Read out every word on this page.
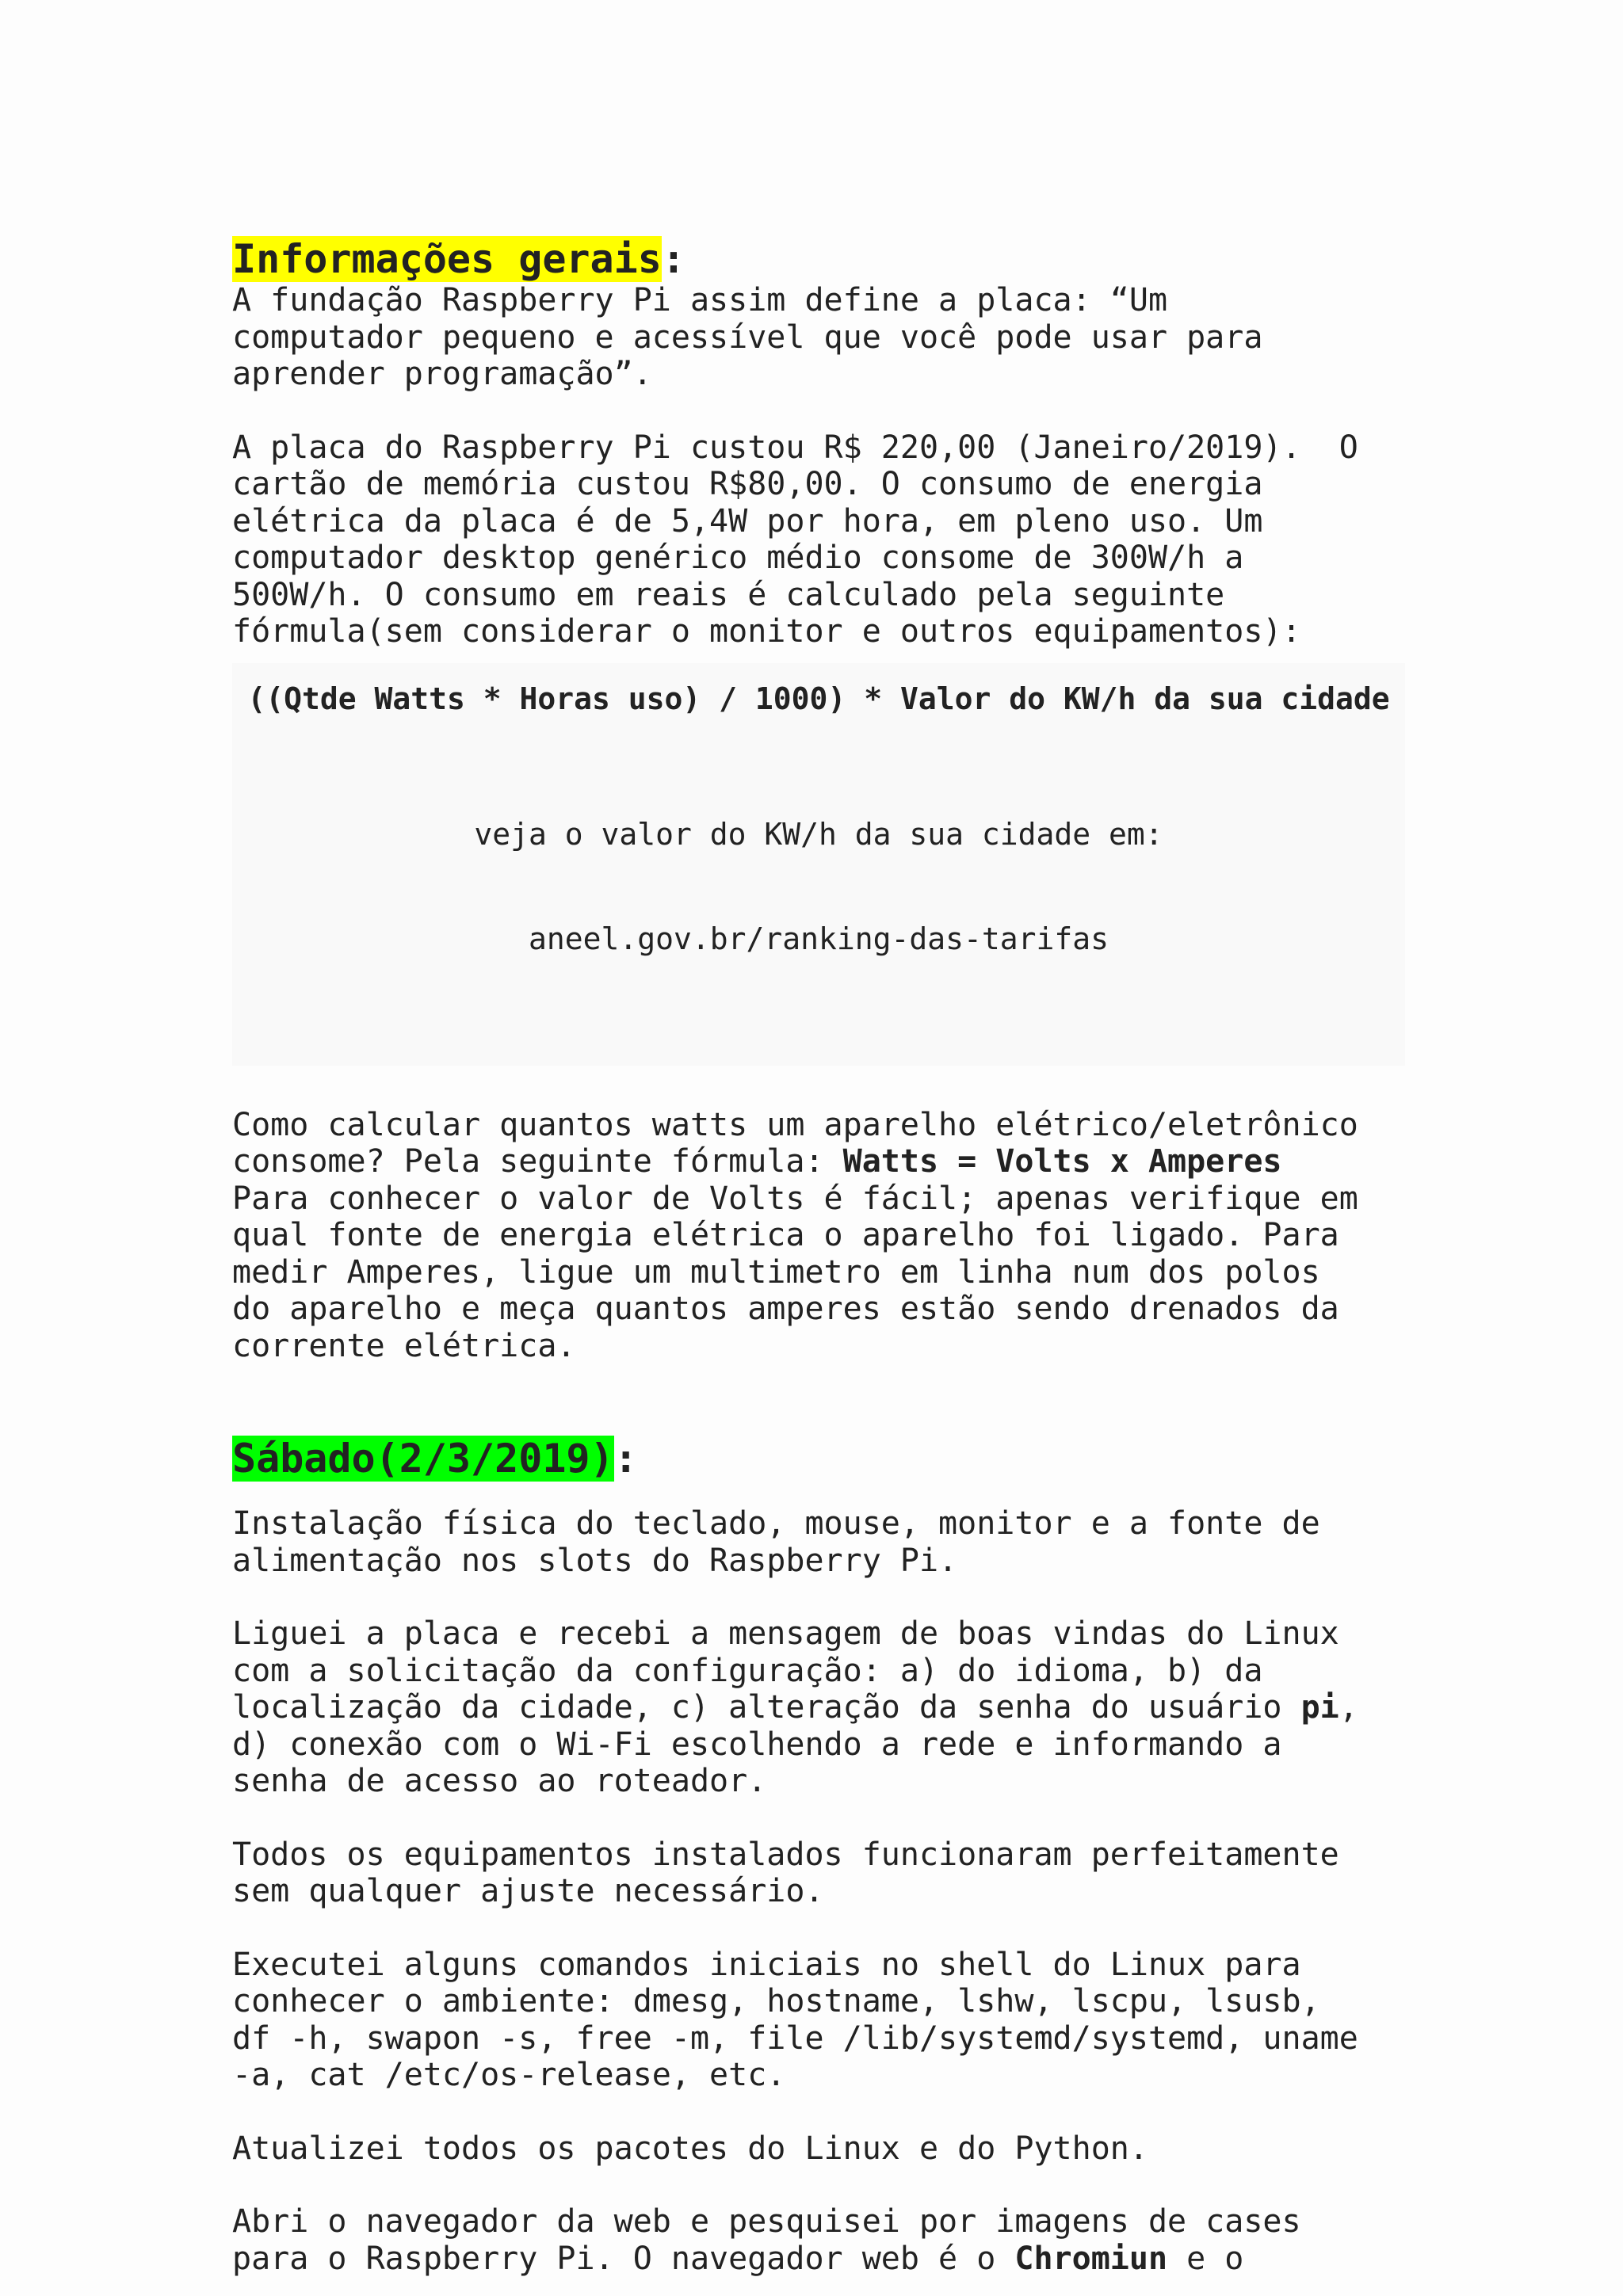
Informações gerais:
A fundação Raspberry Pi assim define a placa: “Um
computador pequeno e acessível que você pode usar para
aprender programação”.
A placa do Raspberry Pi custou R$ 220,00 (Janeiro/2019).  O
cartão de memória custou R$80,00. O consumo de energia
elétrica da placa é de 5,4W por hora, em pleno uso. Um
computador desktop genérico médio consome de 300W/h a
500W/h. O consumo em reais é calculado pela seguinte
fórmula(sem considerar o monitor e outros equipamentos):
((Qtde Watts * Horas uso) / 1000) * Valor do KW/h da sua cidade

veja o valor do KW/h da sua cidade em:

aneel.gov.br/ranking-das-tarifas

Como calcular quantos watts um aparelho elétrico/eletrônico
consome? Pela seguinte fórmula: Watts = Volts x Amperes
Para conhecer o valor de Volts é fácil; apenas verifique em
qual fonte de energia elétrica o aparelho foi ligado. Para
medir Amperes, ligue um multimetro em linha num dos polos
do aparelho e meça quantos amperes estão sendo drenados da
corrente elétrica.
Sábado(2/3/2019):
Instalação física do teclado, mouse, monitor e a fonte de
alimentação nos slots do Raspberry Pi.
Liguei a placa e recebi a mensagem de boas vindas do Linux
com a solicitação da configuração: a) do idioma, b) da
localização da cidade, c) alteração da senha do usuário pi,
d) conexão com o Wi-Fi escolhendo a rede e informando a
senha de acesso ao roteador.
Todos os equipamentos instalados funcionaram perfeitamente
sem qualquer ajuste necessário.
Executei alguns comandos iniciais no shell do Linux para
conhecer o ambiente: dmesg, hostname, lshw, lscpu, lsusb,
df -h, swapon -s, free -m, file /lib/systemd/systemd, uname
-a, cat /etc/os-release, etc.
Atualizei todos os pacotes do Linux e do Python.
Abri o navegador da web e pesquisei por imagens de cases
para o Raspberry Pi. O navegador web é o Chromiun e o
